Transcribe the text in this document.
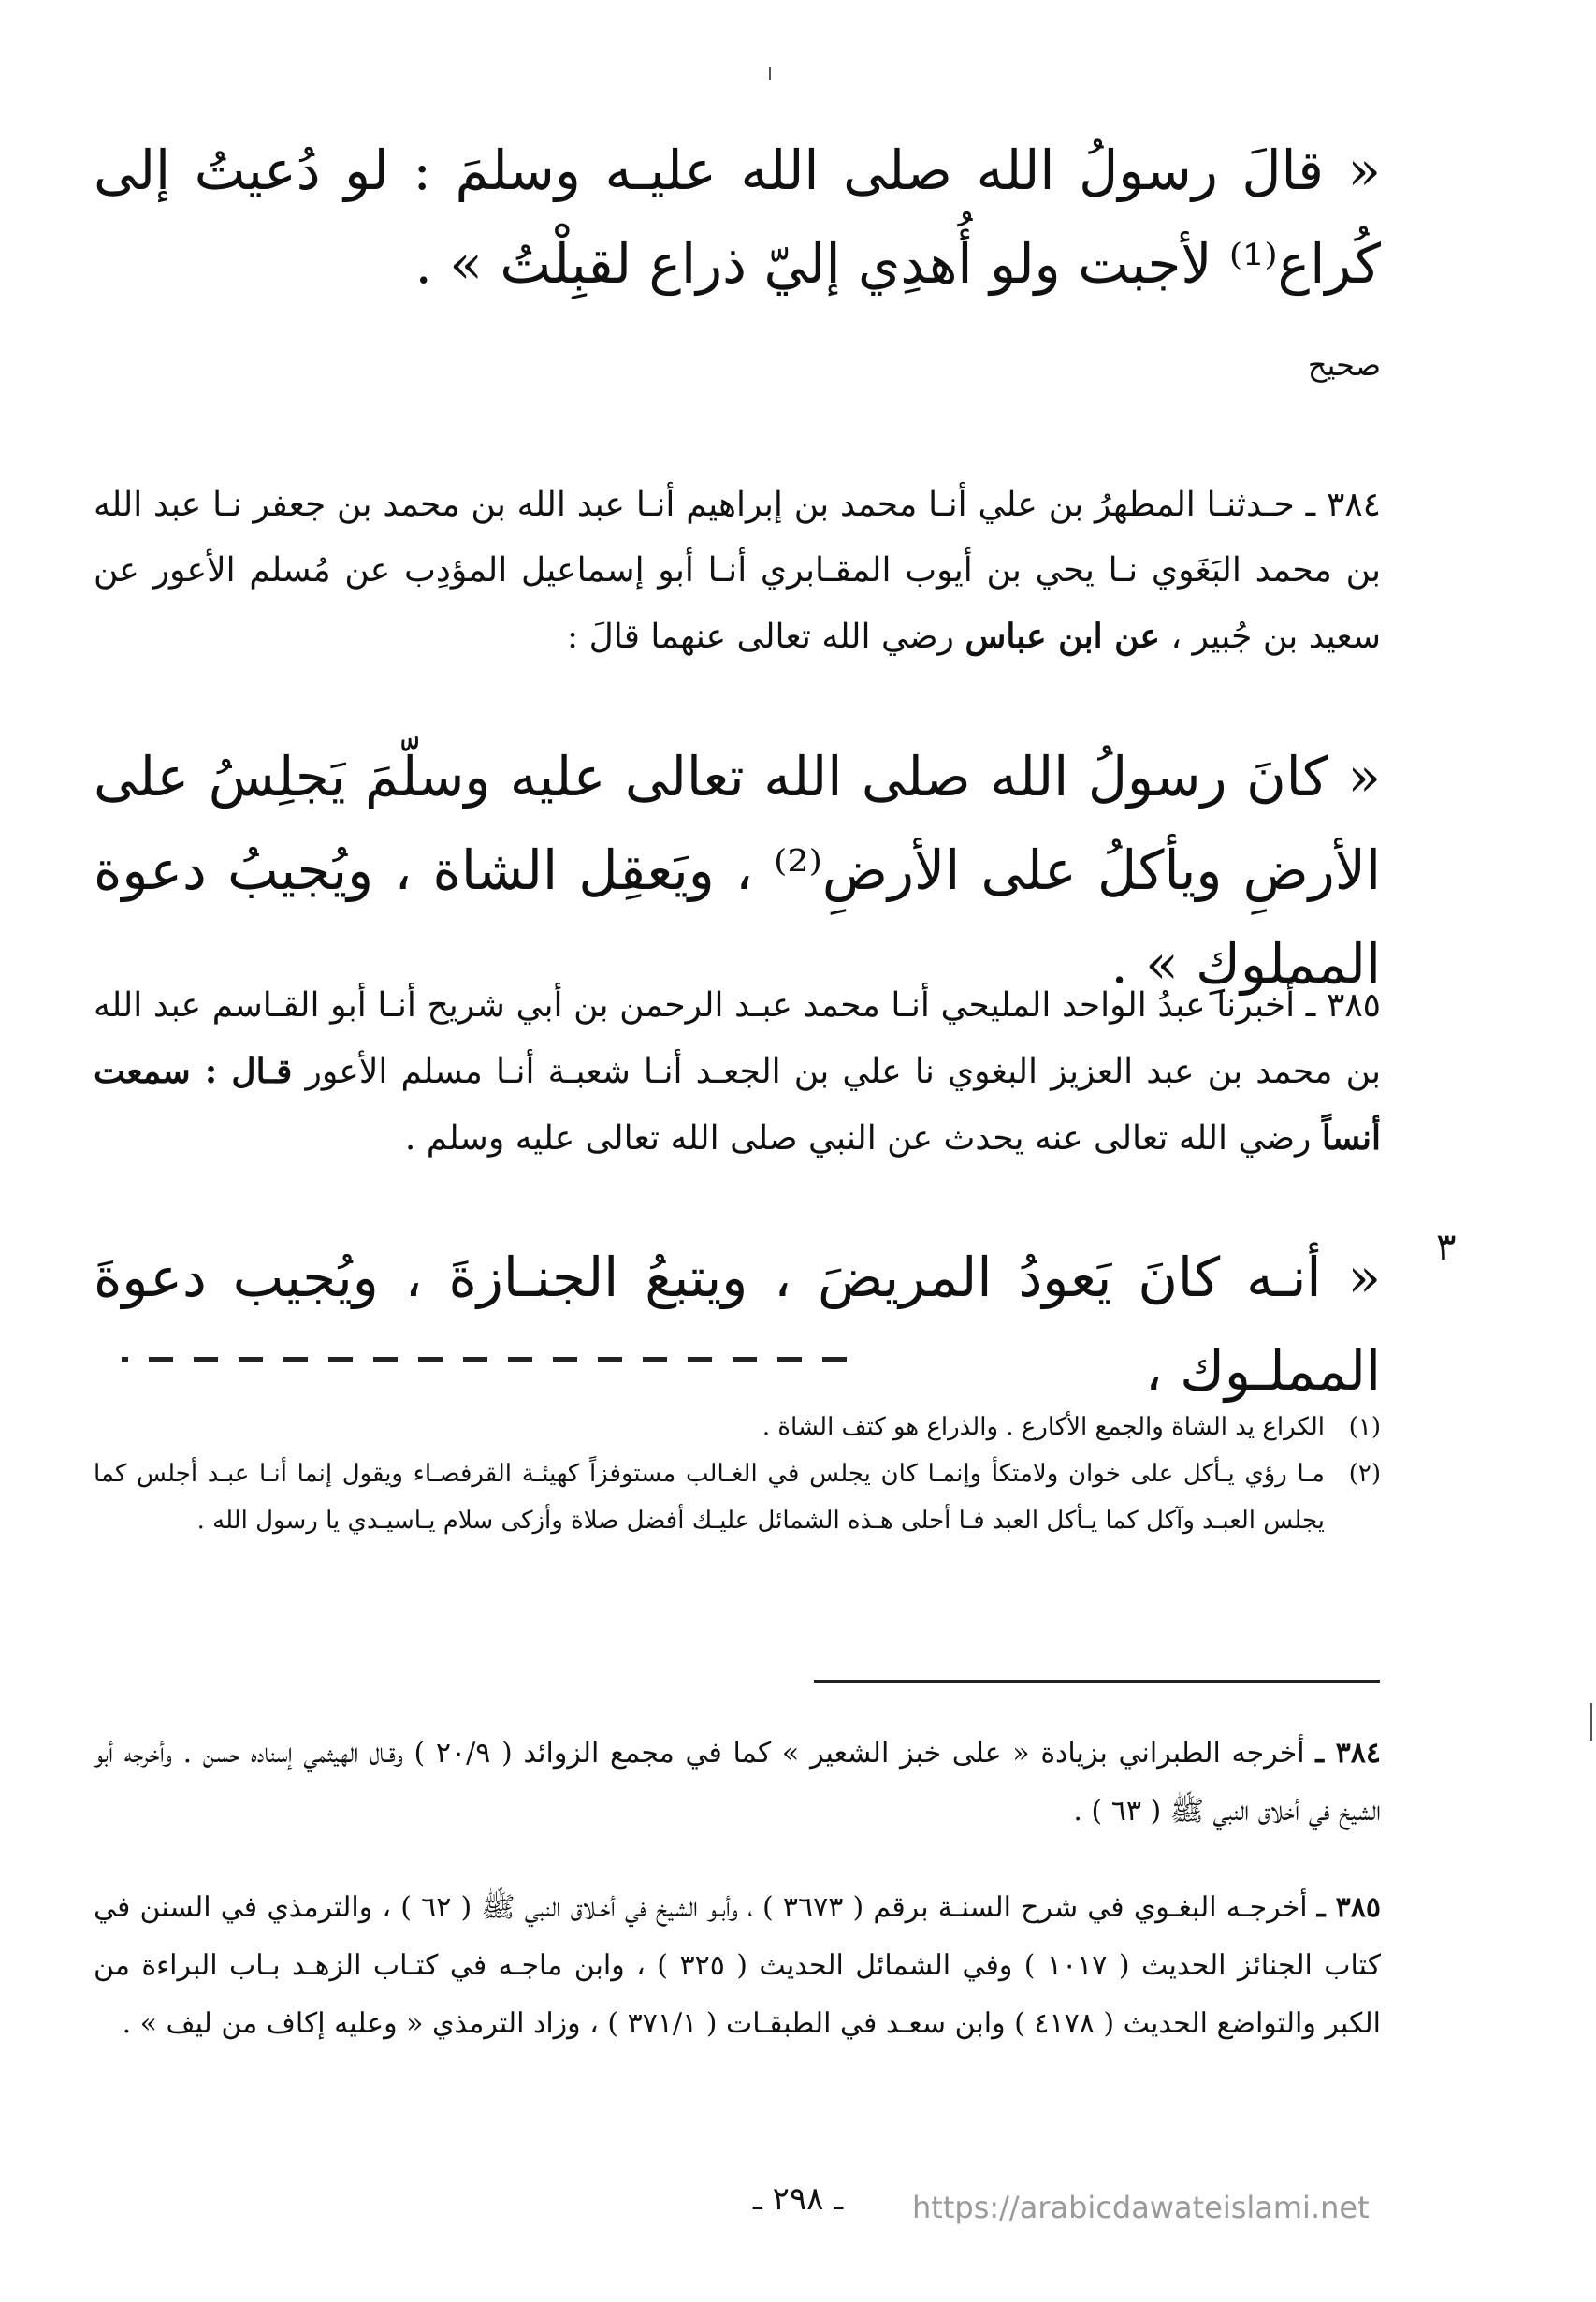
« قالَ رسولُ الله صلى الله عليـه وسلمَ : لو دُعيتُ إلى كُراع⁽¹⁾ لأجبت ولو أُهدِي إليّ ذراع لقبِلْتُ » .
صحيح
٣٨٤ ـ حـدثنـا المطهرُ بن علي أنـا محمد بن إبراهيم أنـا عبد الله بن محمد بن جعفر نـا عبد الله بن محمد البَغَوي نـا يحي بن أيوب المقـابري أنـا أبو إسماعيل المؤدِب عن مُسلم الأعور عن سعيد بن جُبير ، عن ابن عباس رضي الله تعالى عنهما قالَ :
« كانَ رسولُ الله صلى الله تعالى عليه وسلّمَ يَجلِسُ على الأرضِ ويأكلُ على الأرضِ⁽²⁾ ، ويَعقِل الشاة ، ويُجيبُ دعوة المملوكِ » .
٣٨٥ ـ أخبرنا عبدُ الواحد المليحي أنـا محمد عبـد الرحمن بن أبي شريح أنـا أبو القـاسم عبد الله بن محمد بن عبد العزيز البغوي نا علي بن الجعـد أنـا شعبـة أنـا مسلم الأعور قـال : سمعت أنساً رضي الله تعالى عنه يحدث عن النبي صلى الله تعالى عليه وسلم .
« أنـه كانَ يَعودُ المريضَ ، ويتبعُ الجنـازةَ ، ويُجيب دعوةَ المملـوك ،
٣
(١)
الكراع يد الشاة والجمع الأكارع . والذراع هو كتف الشاة .
(٢)
مـا رؤي يـأكل على خوان ولامتكأ وإنمـا كان يجلس في الغـالب مستوفزاً كهيئـة القرفصـاء ويقول إنما أنـا عبـد أجلس كما يجلس العبـد وآكل كما يـأكل العبد فـا أحلى هـذه الشمائل عليـك أفضل صلاة وأزكى سلام يـاسيـدي يا رسول الله .
٣٨٤ ـ أخرجه الطبراني بزيادة « على خبز الشعير » كما في مجمع الزوائد ( ٢٠/٩ ) وقـال الهيثمي إسناده حسن . وأخرجه أبو الشيخ في أخلاق النبي ﷺ ( ٦٣ ) .
٣٨٥ ـ أخرجـه البغـوي في شرح السنـة برقم ( ٣٦٧٣ ) ، وأبـو الشيخ في أخـلاق النبي ﷺ ( ٦٢ ) ، والترمذي في السنن في كتاب الجنائز الحديث ( ١٠١٧ ) وفي الشمائل الحديث ( ٣٢٥ ) ، وابن ماجـه في كتـاب الزهـد بـاب البراءة من الكبر والتواضع الحديث ( ٤١٧٨ ) وابن سعـد في الطبقـات ( ٣٧١/١ ) ، وزاد الترمذي « وعليه إكاف من ليف » .
ـ ٢٩٨ ـ	https://arabicdawateislami.net
